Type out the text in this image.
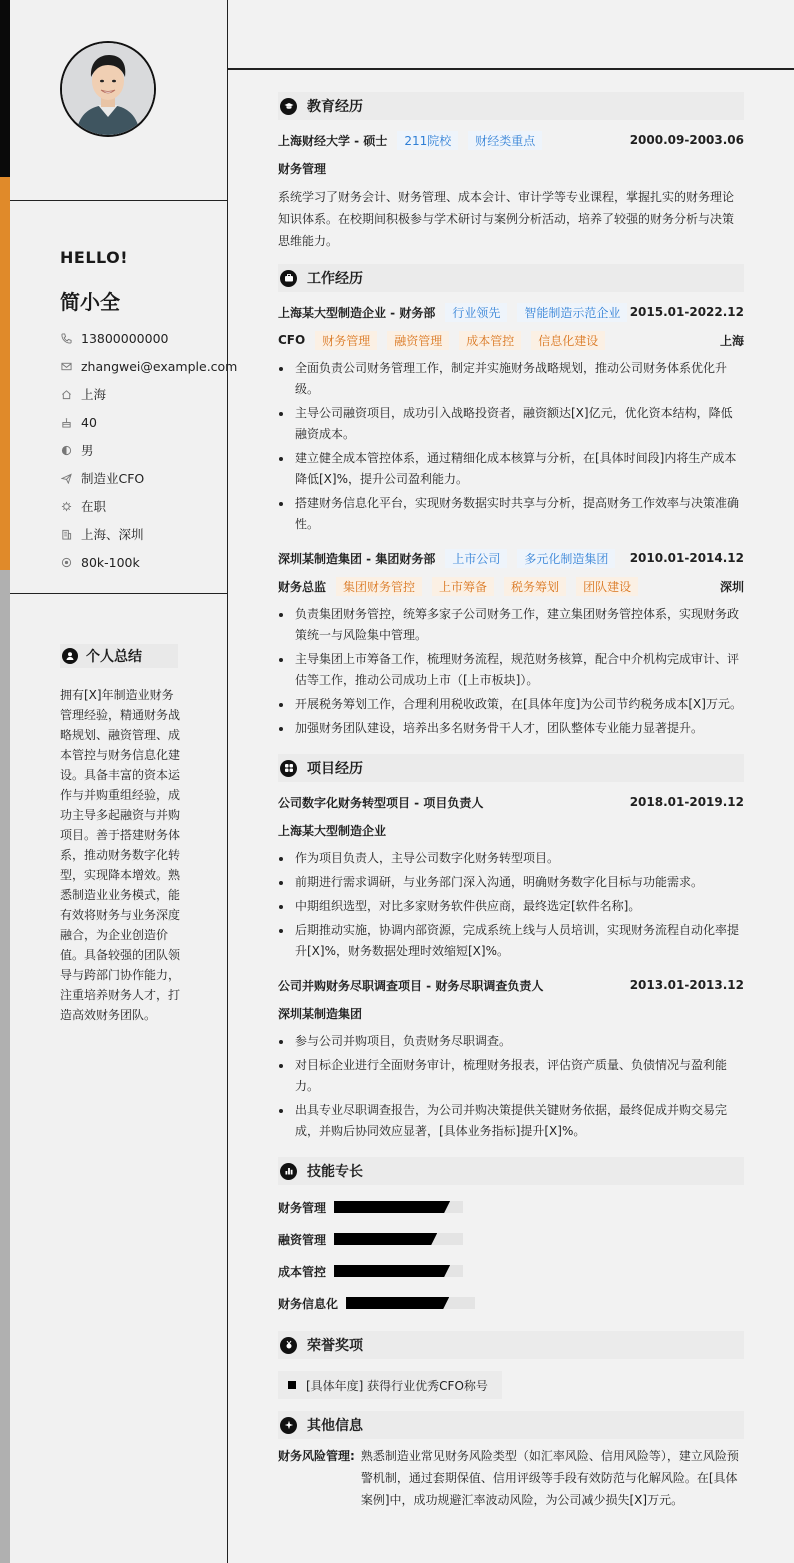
HELLO!
简小全
13800000000
zhangwei@example.com
上海
40
男
制造业CFO
在职
上海、深圳
80k-100k
个人总结
拥有[X]年制造业财务管理经验，精通财务战略规划、融资管理、成本管控与财务信息化建设。具备丰富的资本运作与并购重组经验，成功主导多起融资与并购项目。善于搭建财务体系，推动财务数字化转型，实现降本增效。熟悉制造业业务模式，能有效将财务与业务深度融合，为企业创造价值。具备较强的团队领导与跨部门协作能力，注重培养财务人才，打造高效财务团队。
教育经历
上海财经大学 - 硕士	211院校	财经类重点	2000.09-2003.06
财务管理

系统学习了财务会计、财务管理、成本会计、审计学等专业课程，掌握扎实的财务理论知识体系。在校期间积极参与学术研讨与案例分析活动，培养了较强的财务分析与决策思维能力。

工作经历
上海某大型制造企业 - 财务部	行业领先	智能制造示范企业 2015.01-2022.12
CFO	财务管理	融资管理	成本管控	信息化建设	上海
全面负责公司财务管理工作，制定并实施财务战略规划，推动公司财务体系优化升级。
主导公司融资项目，成功引入战略投资者，融资额达[X]亿元，优化资本结构，降低融资成本。
建立健全成本管控体系，通过精细化成本核算与分析，在[具体时间段]内将生产成本降低[X]%，提升公司盈利能力。
搭建财务信息化平台，实现财务数据实时共享与分析，提高财务工作效率与决策准确性。
深圳某制造集团 - 集团财务部	上市公司	多元化制造集团	2010.01-2014.12
财务总监	集团财务管控	上市筹备	税务筹划	团队建设	深圳
负责集团财务管控，统筹多家子公司财务工作，建立集团财务管控体系，实现财务政策统一与风险集中管理。
主导集团上市筹备工作，梳理财务流程，规范财务核算，配合中介机构完成审计、评估等工作，推动公司成功上市（[上市板块]）。
开展税务筹划工作，合理利用税收政策，在[具体年度]为公司节约税务成本[X]万元。
加强财务团队建设，培养出多名财务骨干人才，团队整体专业能力显著提升。
项目经历
公司数字化财务转型项目 - 项目负责人	2018.01-2019.12
上海某大型制造企业
作为项目负责人，主导公司数字化财务转型项目。
前期进行需求调研，与业务部门深入沟通，明确财务数字化目标与功能需求。
中期组织选型，对比多家财务软件供应商，最终选定[软件名称]。
后期推动实施，协调内部资源，完成系统上线与人员培训，实现财务流程自动化率提升[X]%，财务数据处理时效缩短[X]%。
公司并购财务尽职调查项目 - 财务尽职调查负责人	2013.01-2013.12
深圳某制造集团
参与公司并购项目，负责财务尽职调查。
对目标企业进行全面财务审计，梳理财务报表，评估资产质量、负债情况与盈利能力。
出具专业尽职调查报告，为公司并购决策提供关键财务依据，最终促成并购交易完成，并购后协同效应显著，[具体业务指标]提升[X]%。
技能专长
财务管理
融资管理
成本管控
财务信息化
荣誉奖项
[具体年度] 获得行业优秀CFO称号
其他信息
财务风险管理: 熟悉制造业常见财务风险类型（如汇率风险、信用风险等），建立风险预警机制，通过套期保值、信用评级等手段有效防范与化解风险。在[具体案例]中，成功规避汇率波动风险，为公司减少损失[X]万元。
